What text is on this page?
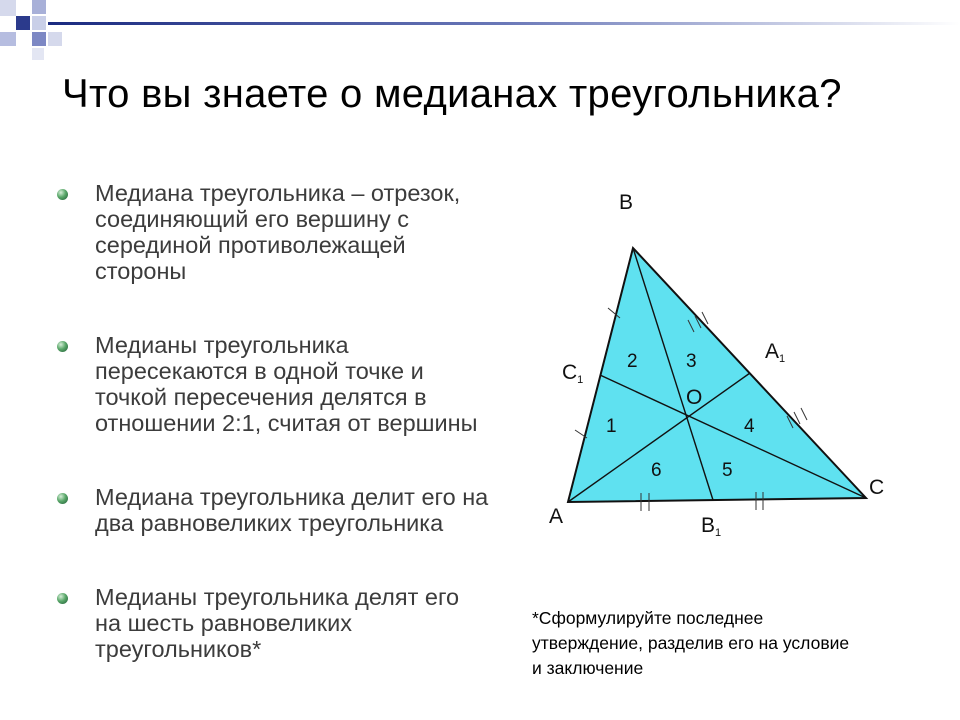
Что вы знаете о медианах треугольника?
Медиана треугольника – отрезок, соединяющий его вершину с серединой противолежащей стороны
Медианы треугольника пересекаются в одной точке и точкой пересечения делятся в отношении 2:1, считая от вершины
Медиана треугольника делит его на два равновеликих треугольника
Медианы треугольника делят его на шесть равновеликих треугольников*
B
A
C
C1
A1
B1
O
1
2	3
4
5
6
*Сформулируйте последнее утверждение, разделив его на условие и заключение
